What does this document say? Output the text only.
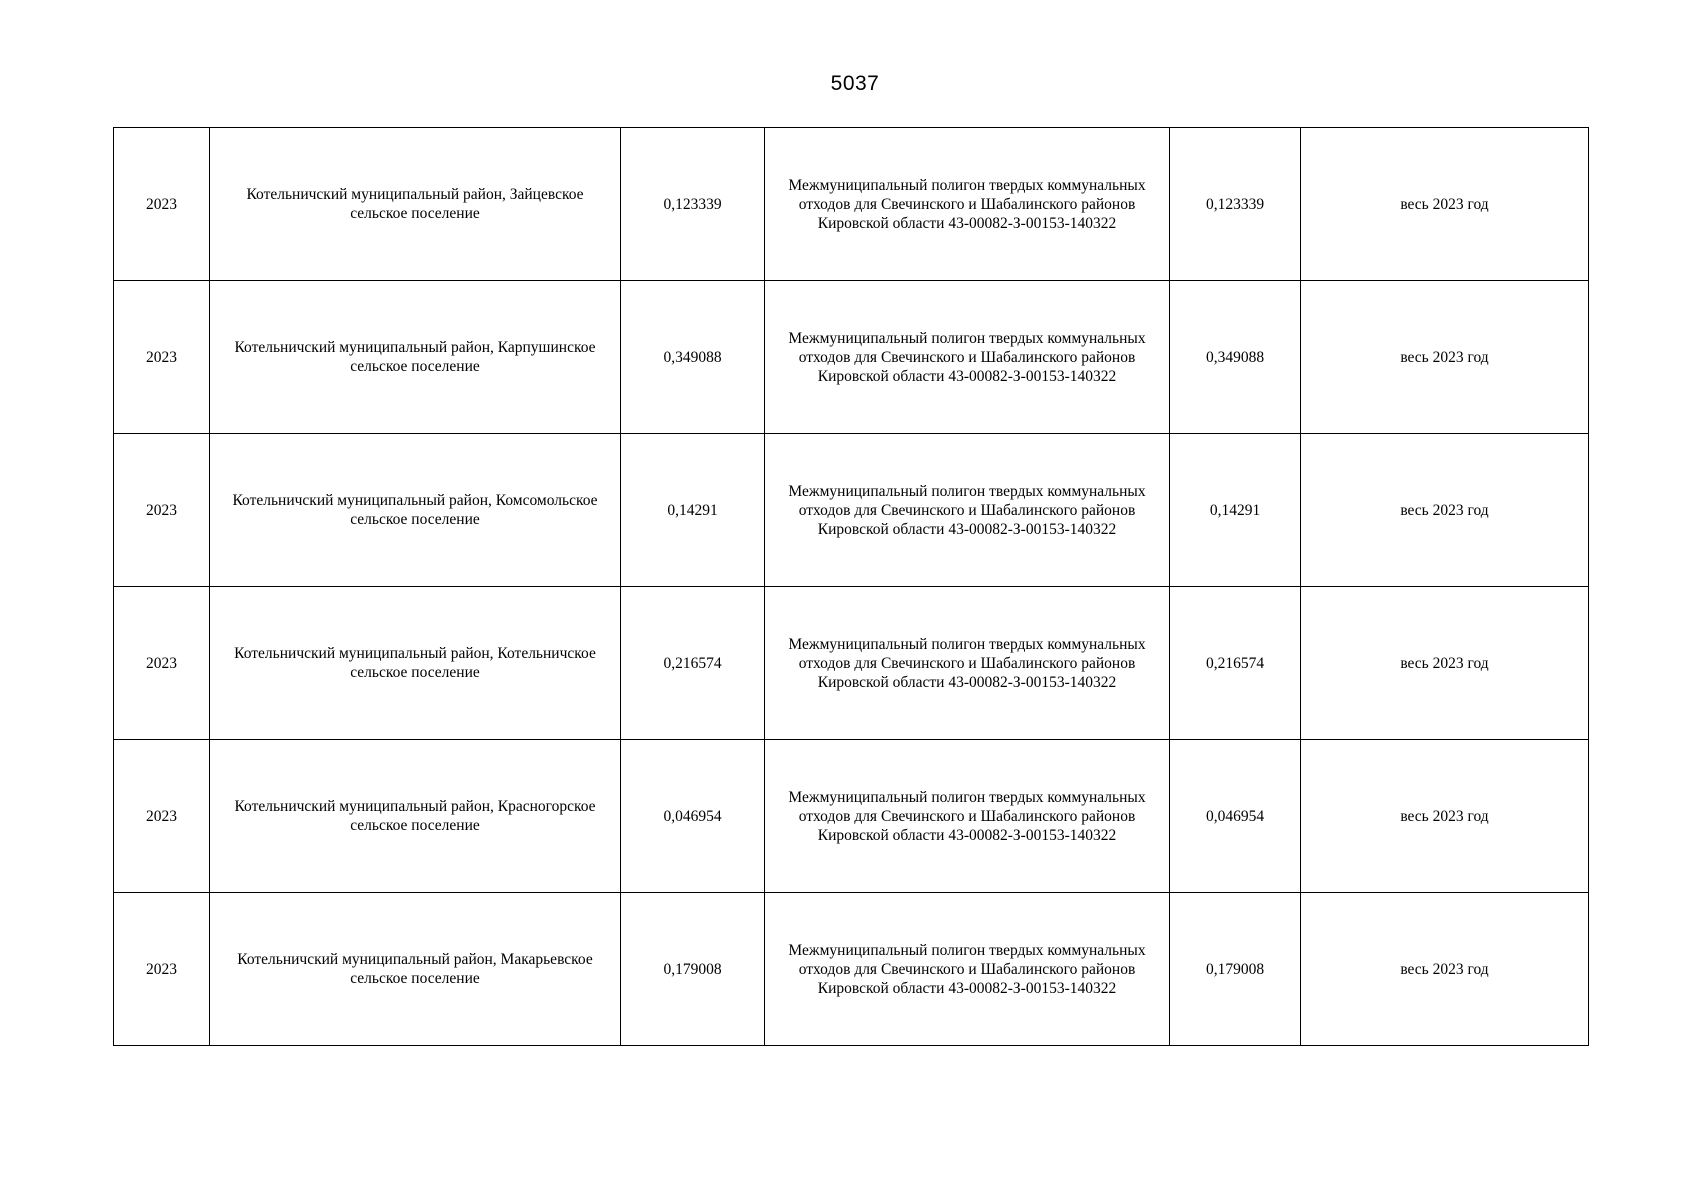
5037
2023	Котельничский муниципальный район, Зайцевское
сельское поселение	0,123339	Межмуниципальный полигон твердых коммунальных
отходов для Свечинского и Шабалинского районов
Кировской области 43-00082-З-00153-140322	0,123339	весь 2023 год
2023	Котельничский муниципальный район, Карпушинское
сельское поселение	0,349088	Межмуниципальный полигон твердых коммунальных
отходов для Свечинского и Шабалинского районов
Кировской области 43-00082-З-00153-140322	0,349088	весь 2023 год
2023	Котельничский муниципальный район, Комсомольское
сельское поселение	0,14291	Межмуниципальный полигон твердых коммунальных
отходов для Свечинского и Шабалинского районов
Кировской области 43-00082-З-00153-140322	0,14291	весь 2023 год
2023	Котельничский муниципальный район, Котельничское
сельское поселение	0,216574	Межмуниципальный полигон твердых коммунальных
отходов для Свечинского и Шабалинского районов
Кировской области 43-00082-З-00153-140322	0,216574	весь 2023 год
2023	Котельничский муниципальный район, Красногорское
сельское поселение	0,046954	Межмуниципальный полигон твердых коммунальных
отходов для Свечинского и Шабалинского районов
Кировской области 43-00082-З-00153-140322	0,046954	весь 2023 год
2023	Котельничский муниципальный район, Макарьевское
сельское поселение	0,179008	Межмуниципальный полигон твердых коммунальных
отходов для Свечинского и Шабалинского районов
Кировской области 43-00082-З-00153-140322	0,179008	весь 2023 год
